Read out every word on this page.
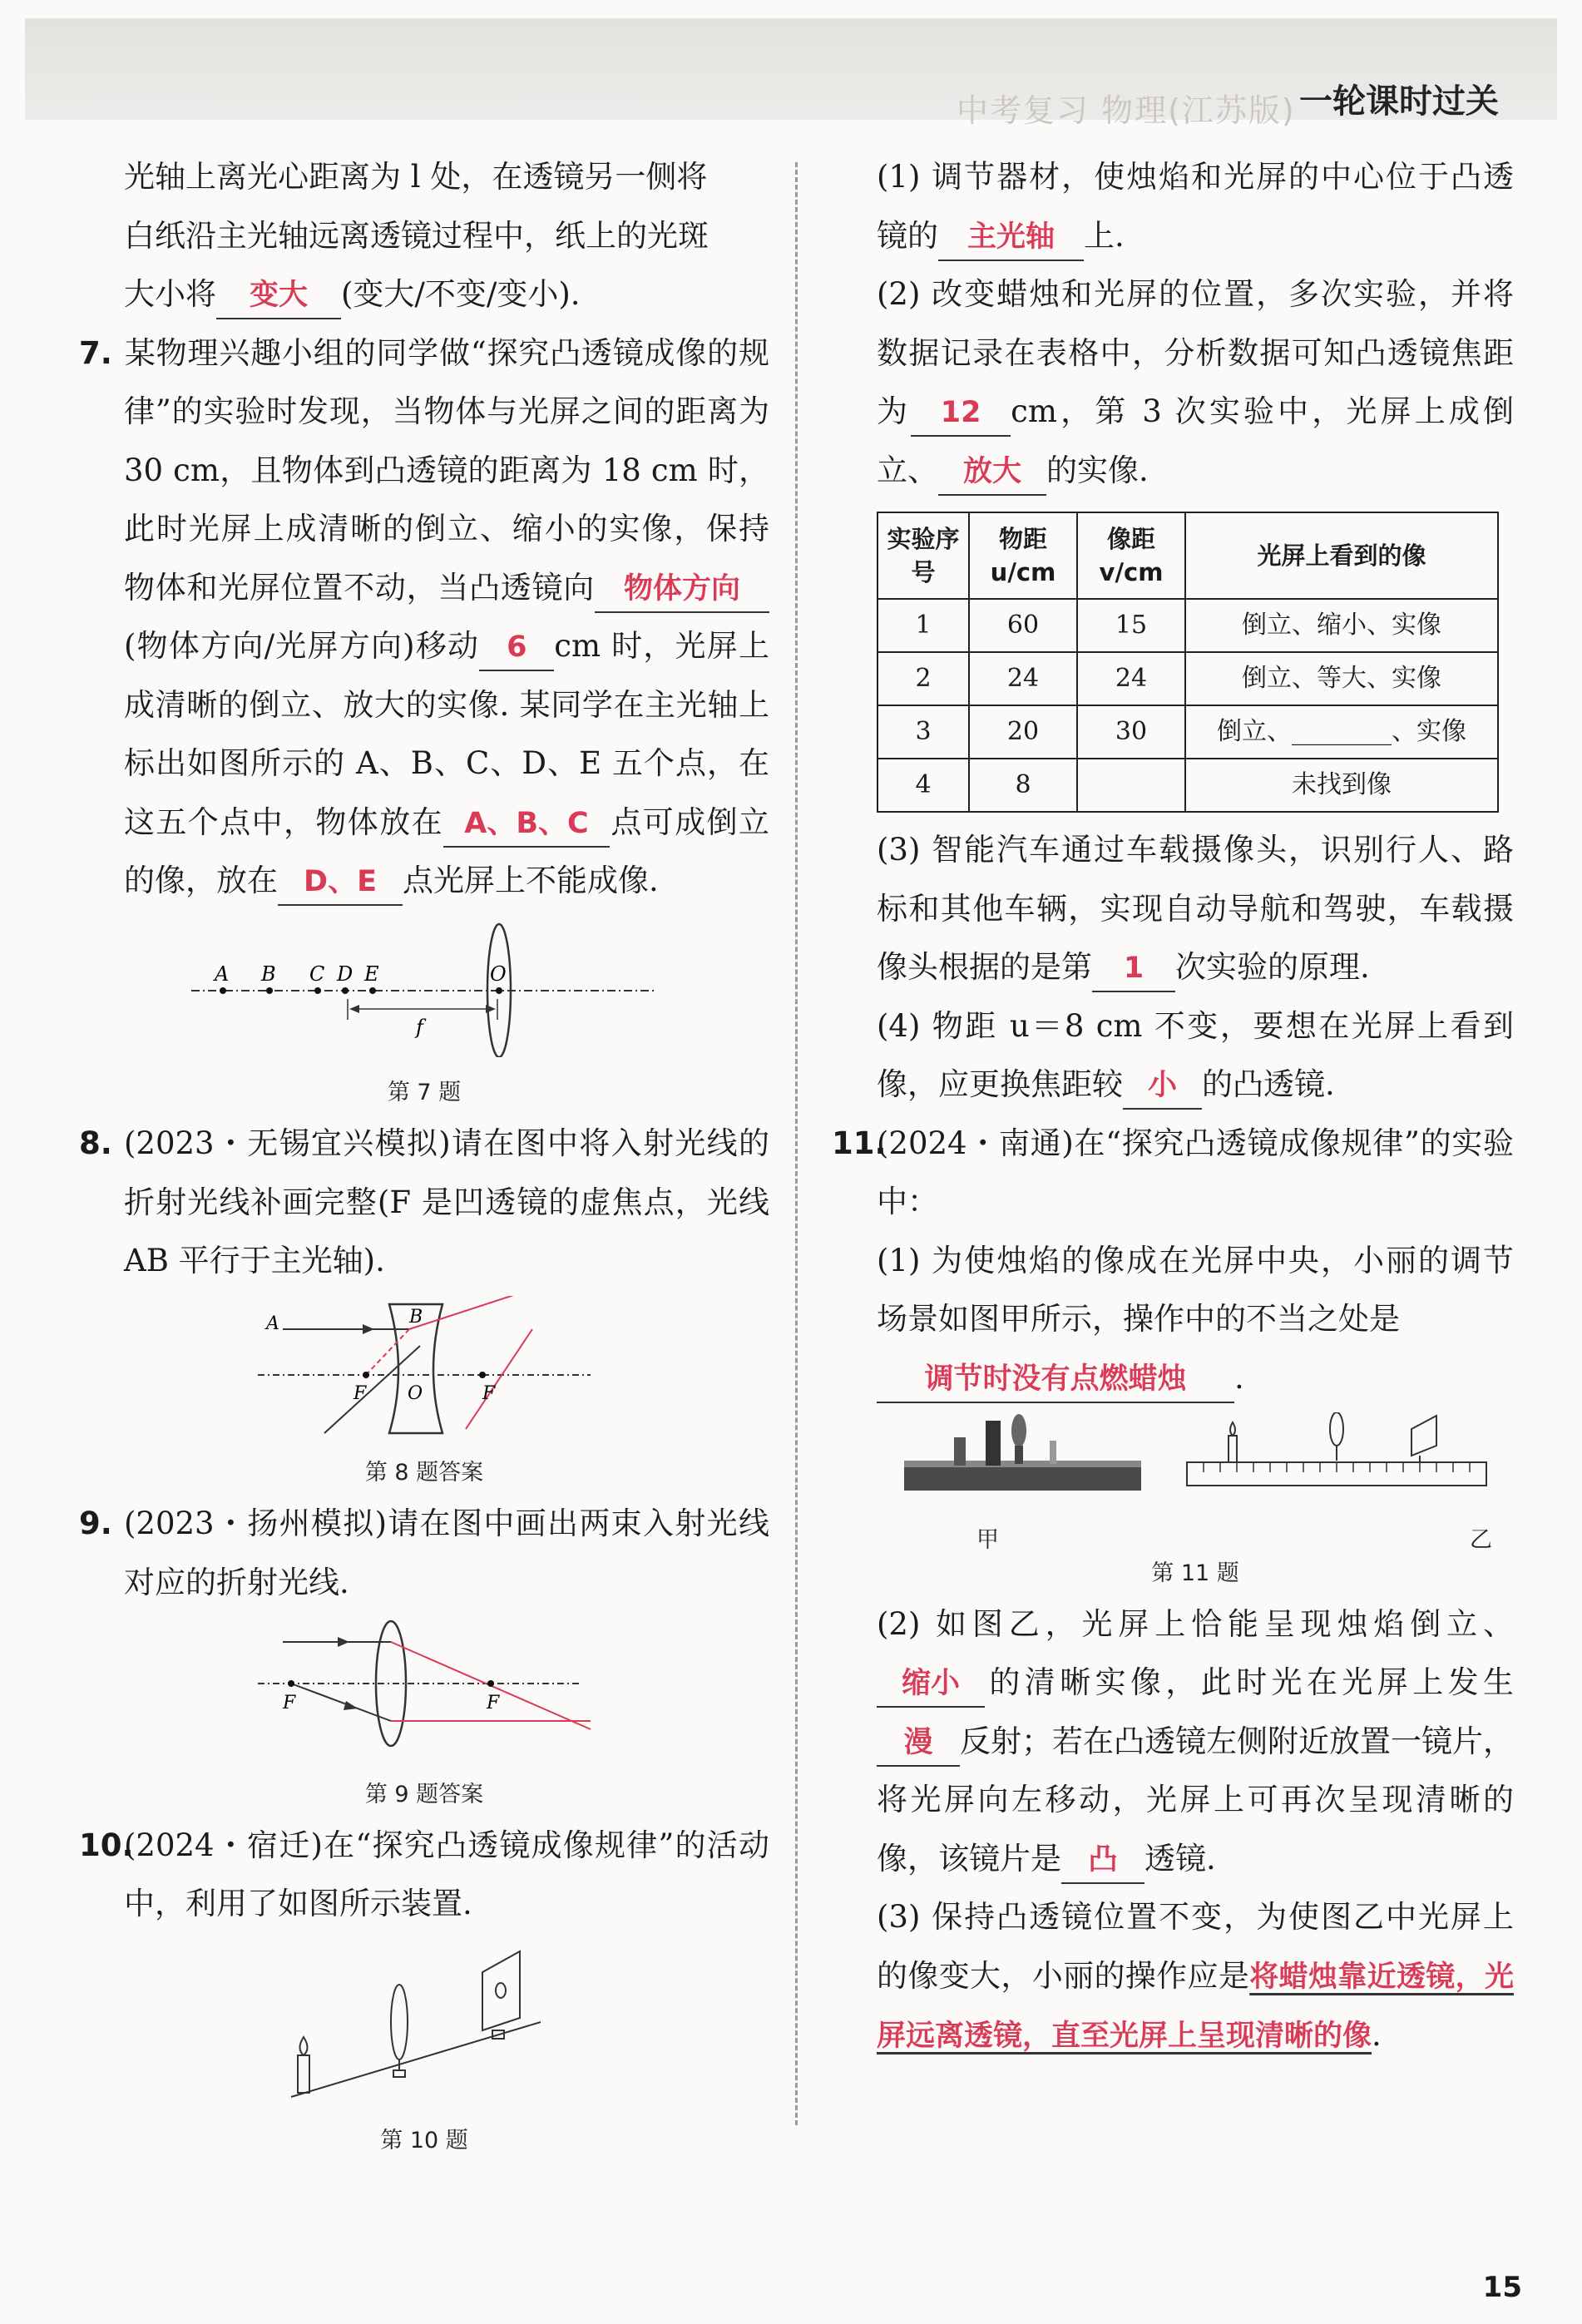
中考复习 物理(江苏版) 一轮课时过关

光轴上离光心距离为 l 处，在透镜另一侧将
白纸沿主光轴远离透镜过程中，纸上的光斑
大小将 变大 (变大/不变/变小).

7. 某物理兴趣小组的同学做“探究凸透镜成像的规律”的实验时发现，当物体与光屏之间的距离为 30 cm，且物体到凸透镜的距离为 18 cm 时，此时光屏上成清晰的倒立、缩小的实像，保持物体和光屏位置不动，当凸透镜向 物体方向(物体方向/光屏方向)移动 6 cm 时，光屏上成清晰的倒立、放大的实像. 某同学在主光轴上标出如图所示的 A、B、C、D、E 五个点，在这五个点中，物体放在 A、B、C 点可成倒立的像，放在 D、E 点光屏上不能成像.

A B C D E	O
f
第 7 题

8. (2023・无锡宜兴模拟)请在图中将入射光线的折射光线补画完整(F 是凹透镜的虚焦点，光线 AB 平行于主光轴).

A	B
F O	F
第 8 题答案

9. (2023・扬州模拟)请在图中画出两束入射光线对应的折射光线.

F	F
第 9 题答案

10.(2024・宿迁)在“探究凸透镜成像规律”的活动中，利用了如图所示装置.

第 10 题

(1) 调节器材，使烛焰和光屏的中心位于凸透镜的 主光轴 上.

(2) 改变蜡烛和光屏的位置，多次实验，并将数据记录在表格中，分析数据可知凸透镜焦距为 12 cm，第 3 次实验中，光屏上成倒立、 放大 的实像.

实验序号	物距 u/cm	像距 v/cm	光屏上看到的像
1	60	15	倒立、缩小、实像
2	24	24	倒立、等大、实像
3	20	30	倒立、________、实像
4	8		未找到像

(3) 智能汽车通过车载摄像头，识别行人、路标和其他车辆，实现自动导航和驾驶，车载摄像头根据的是第 1 次实验的原理.

(4) 物距 u＝8 cm 不变，要想在光屏上看到像，应更换焦距较 小 的凸透镜.

11.(2024・南通)在“探究凸透镜成像规律”的实验中：

(1) 为使烛焰的像成在光屏中央，小丽的调节场景如图甲所示，操作中的不当之处是
调节时没有点燃蜡烛 .

甲	乙
第 11 题

(2) 如图乙，光屏上恰能呈现烛焰倒立、缩小 的清晰实像，此时光在光屏上发生漫 反射；若在凸透镜左侧附近放置一镜片，将光屏向左移动，光屏上可再次呈现清晰的像，该镜片是 凸 透镜.

(3) 保持凸透镜位置不变，为使图乙中光屏上的像变大，小丽的操作应是将蜡烛靠近透镜，光屏远离透镜，直至光屏上呈现清晰的像.

15
